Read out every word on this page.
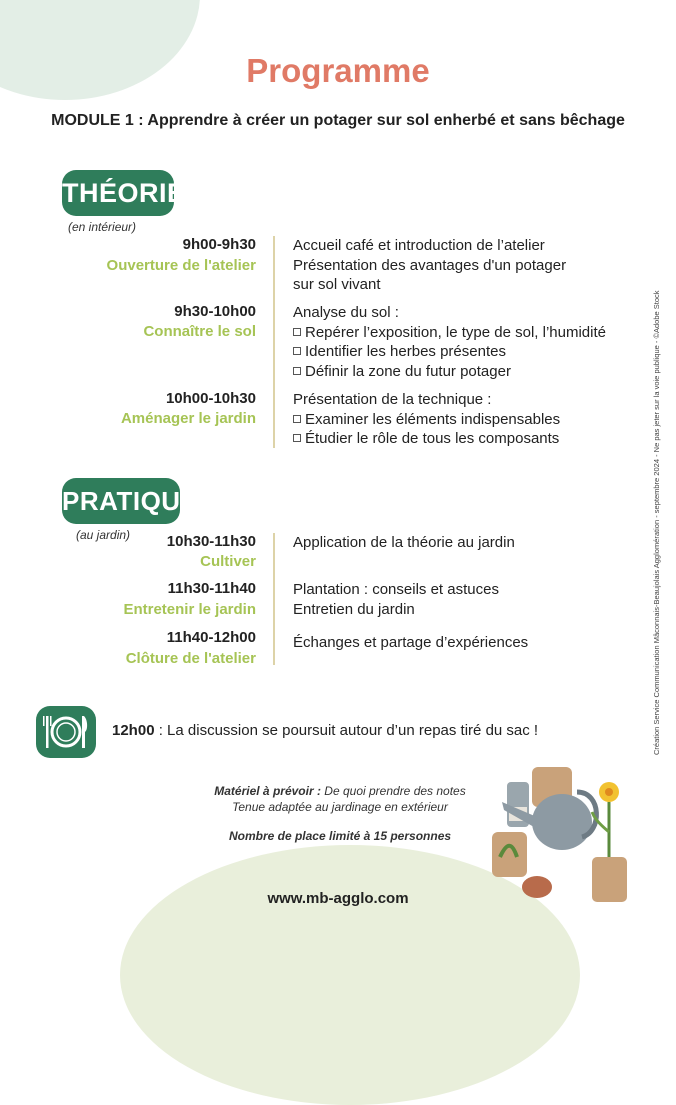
Programme
MODULE 1 : Apprendre à créer un potager sur sol enherbé et sans bêchage
THÉORIE
(en intérieur)
9h00-9h30
Ouverture de l'atelier
Accueil café et introduction de l’atelier
Présentation des avantages d'un potager
sur sol vivant
9h30-10h00
Connaître le sol
Analyse du sol :
Repérer l’exposition, le type de sol, l’humidité
Identifier les herbes présentes
Définir la zone du futur potager
10h00-10h30
Aménager le jardin
Présentation de la technique :
Examiner les éléments indispensables
Étudier le rôle de tous les composants
PRATIQUE
(au jardin) 10h30-11h30
Cultiver
Application de la théorie au jardin
11h30-11h40
Entretenir le jardin
Plantation : conseils et astuces
Entretien du jardin
11h40-12h00
Clôture de l'atelier
Échanges et partage d’expériences
12h00 : La discussion se poursuit autour d’un repas tiré du sac !
Matériel à prévoir : De quoi prendre des notes
Tenue adaptée au jardinage en extérieur
Nombre de place limité à 15 personnes
www.mb-agglo.com
Création Service Communication Mâconnais-Beaujolais Agglomération - septembre 2024 - Ne pas jeter sur la voie publique - ©Adobe Stock
